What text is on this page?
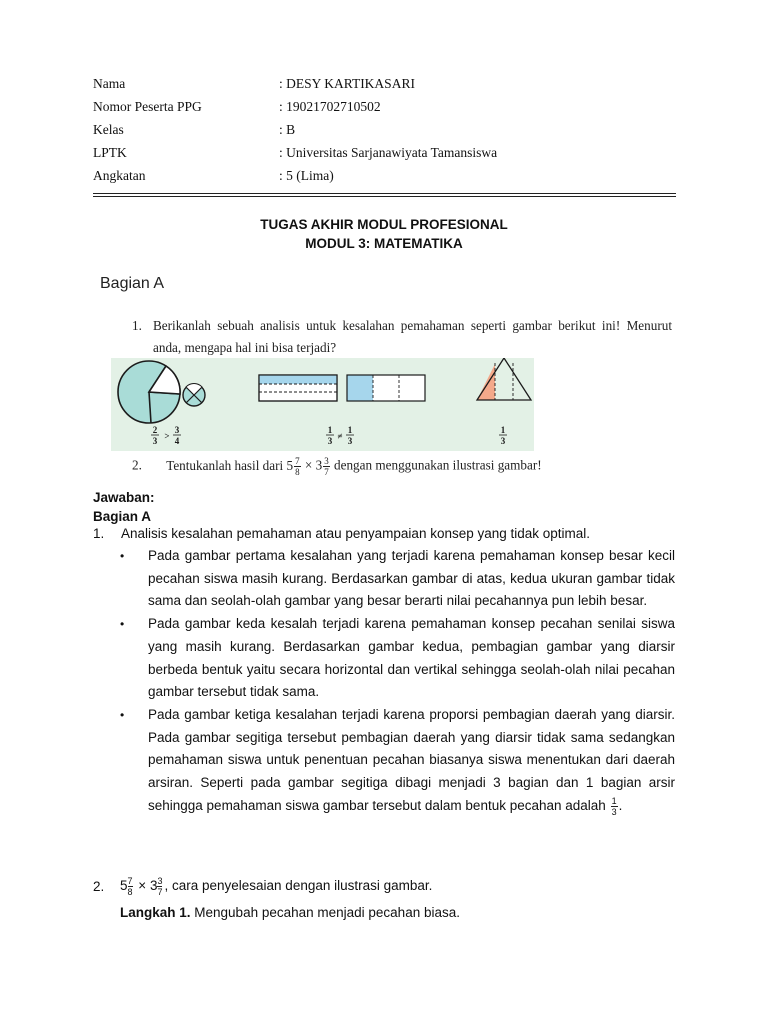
Nama	: DESY KARTIKASARI
Nomor Peserta PPG	: 19021702710502
Kelas	: B
LPTK	: Universitas Sarjanawiyata Tamansiswa
Angkatan	: 5 (Lima)
TUGAS AKHIR MODUL PROFESIONAL
MODUL 3: MATEMATIKA
Bagian A
1. Berikanlah sebuah analisis untuk kesalahan pemahaman seperti gambar berikut ini! Menurut anda, mengapa hal ini bisa terjadi?
2
3 >
3
4
1
3 ≠
1
3
1
3
2. Tentukanlah hasil dari $5 \frac{7}{8} \times 3 \frac{3}{7}$ dengan menggunakan ilustrasi gambar!
Jawaban:
Bagian A
1. Analisis kesalahan pemahaman atau penyampaian konsep yang tidak optimal.
• Pada gambar pertama kesalahan yang terjadi karena pemahaman konsep besar kecil pecahan siswa masih kurang. Berdasarkan gambar di atas, kedua ukuran gambar tidak sama dan seolah-olah gambar yang besar berarti nilai pecahannya pun lebih besar.
• Pada gambar keda kesalah terjadi karena pemahaman konsep pecahan senilai siswa yang masih kurang. Berdasarkan gambar kedua, pembagian gambar yang diarsir berbeda bentuk yaitu secara horizontal dan vertikal sehingga seolah-olah nilai pecahan gambar tersebut tidak sama.
• Pada gambar ketiga kesalahan terjadi karena proporsi pembagian daerah yang diarsir. Pada gambar segitiga tersebut pembagian daerah yang diarsir tidak sama sedangkan pemahaman siswa untuk penentuan pecahan biasanya siswa menentukan dari daerah arsiran. Seperti pada gambar segitiga dibagi menjadi 3 bagian dan 1 bagian arsir sehingga pemahaman siswa gambar tersebut dalam bentuk pecahan adalah $\frac{1}{3}$ .
2. $5 \frac{7}{8} \times 3 \frac{3}{7}$ , cara penyelesaian dengan ilustrasi gambar.
Langkah 1. Mengubah pecahan menjadi pecahan biasa.
